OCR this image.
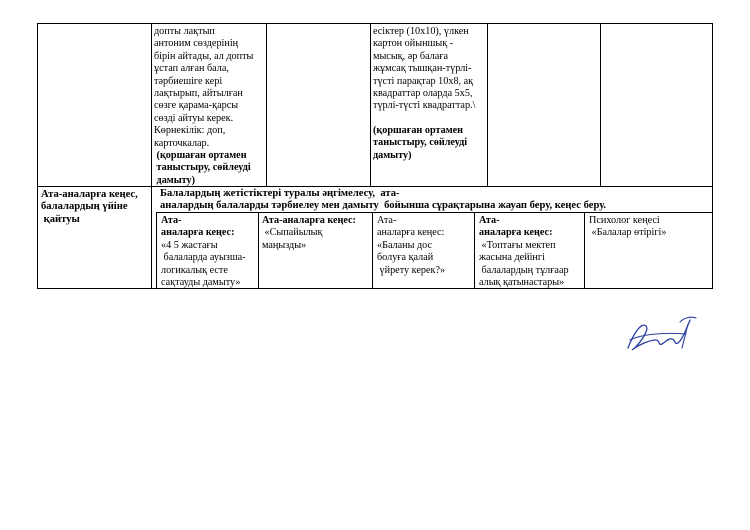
допты лақтып
антоним сөздерінің
бірін айтады, ал допты
ұстап алған бала,
тәрбиешіге кері
лақтырып, айтылған
сөзге қарама-қарсы
сөзді айтуы керек.
Көрнекілік: доп,
карточкалар.

(қоршаған ортамен
таныстыру, сөйлеуді
дамыту)

есіктер (10х10), үлкен
картон ойыншық -
мысық, әр балаға
жұмсақ тышқан-түрлі-
түсті парақтар 10х8, ақ
квадраттар оларда 5х5,
түрлі-түсті квадраттар.\

(қоршаған ортамен
таныстыру, сөйлеуді
дамыту)

Ата-аналарға кеңес,
балалардың үйіне
қайтуы
Балалардың жетістіктері туралы әңгімелесу,  ата-
аналардың балаларды тәрбиелеу мен дамыту  бойынша сұрақтарына жауап беру, кеңес беру.
Ата-
аналарға кеңес:
«4 5 жастағы
балаларда ауызша-
логикалық есте
сақтауды дамыту»
Ата-аналарға кеңес:
«Сыпайылық
маңызды»
Ата-
аналарға кеңес:
«Баланы дос
болуға қалай
үйрету керек?»
Ата-
аналарға кеңес:
«Топтағы мектеп
жасына дейінгі
балалардың тұлғаар
алық қатынастары»
Психолог кеңесі
«Балалар өтірігі»
